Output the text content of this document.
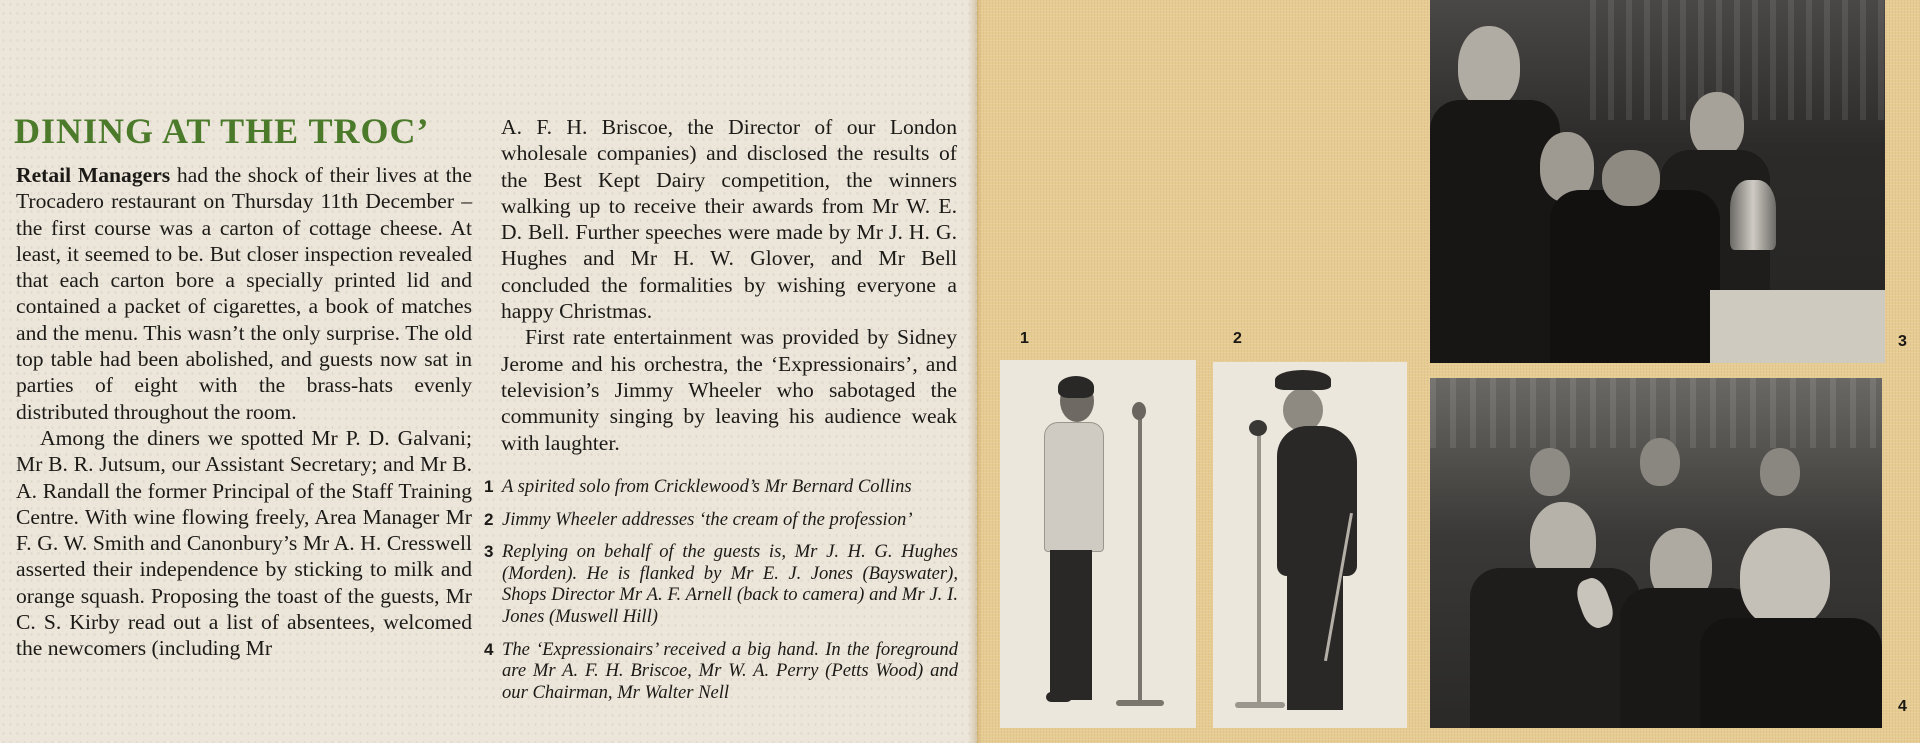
DINING AT THE TROC’

Retail Managers had the shock of their lives at the Trocadero restaurant on Thursday 11th December – the first course was a carton of cottage cheese. At least, it seemed to be. But closer inspection revealed that each carton bore a specially printed lid and contained a packet of cigarettes, a book of matches and the menu. This wasn’t the only surprise. The old top table had been abolished, and guests now sat in parties of eight with the brass-hats evenly distributed throughout the room.

Among the diners we spotted Mr P. D. Galvani; Mr B. R. Jutsum, our Assistant Secretary; and Mr B. A. Randall the former Principal of the Staff Training Centre. With wine flowing freely, Area Manager Mr F. G. W. Smith and Canonbury’s Mr A. H. Cresswell asserted their independence by sticking to milk and orange squash. Proposing the toast of the guests, Mr C. S. Kirby read out a list of absentees, welcomed the newcomers (including Mr

A. F. H. Briscoe, the Director of our London wholesale companies) and disclosed the results of the Best Kept Dairy competition, the winners walking up to receive their awards from Mr W. E. D. Bell. Further speeches were made by Mr J. H. G. Hughes and Mr H. W. Glover, and Mr Bell concluded the formalities by wishing everyone a happy Christmas.

First rate entertainment was provided by Sidney Jerome and his orchestra, the ‘Expressionairs’, and television’s Jimmy Wheeler who sabotaged the community singing by leaving his audience weak with laughter.

1 A spirited solo from Cricklewood’s Mr Bernard Collins
2 Jimmy Wheeler addresses ‘the cream of the profession’
3 Replying on behalf of the guests is, Mr J. H. G. Hughes (Morden). He is flanked by Mr E. J. Jones (Bayswater), Shops Director Mr A. F. Arnell (back to camera) and Mr J. I. Jones (Muswell Hill)
4 The ‘Expressionairs’ received a big hand. In the foreground are Mr A. F. H. Briscoe, Mr W. A. Perry (Petts Wood) and our Chairman, Mr Walter Nell
1	2	3
4
